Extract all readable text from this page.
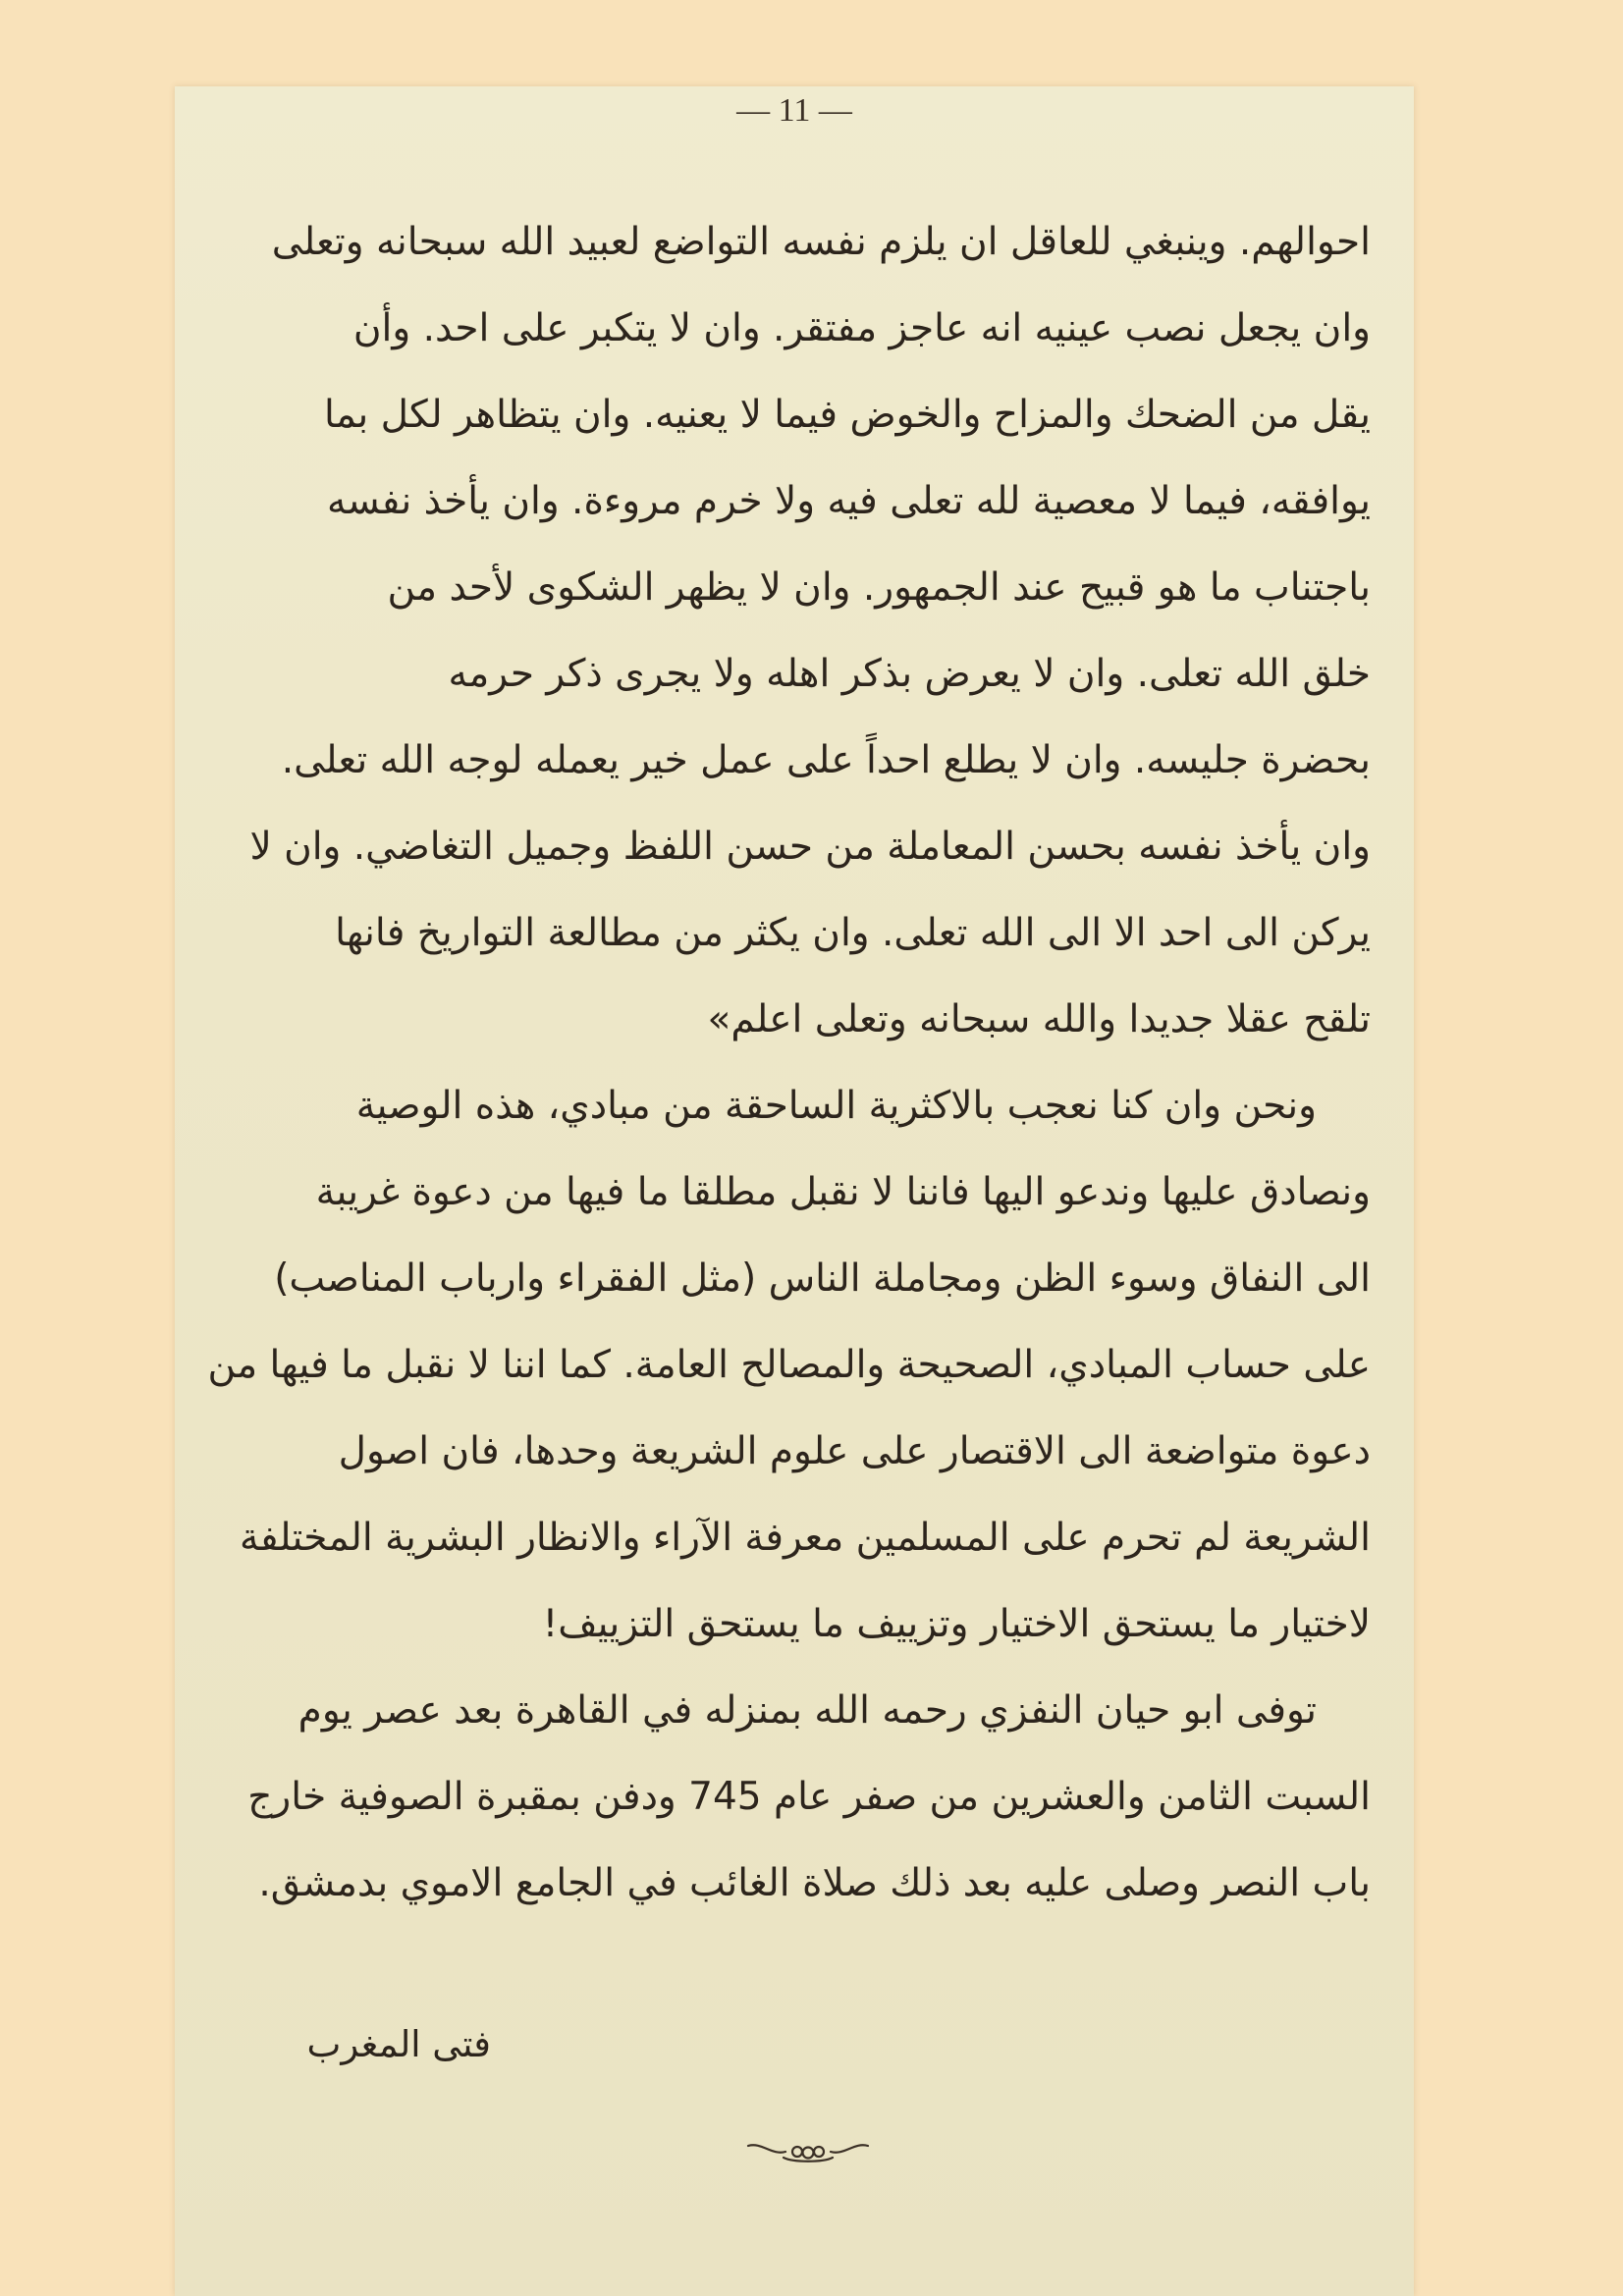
— 11 —

احوالهم. وينبغي للعاقل ان يلزم نفسه التواضع لعبيد الله سبحانه وتعلى

وان يجعل نصب عينيه انه عاجز مفتقر. وان لا يتكبر على احد. وأن

يقل من الضحك والمزاح والخوض فيما لا يعنيه. وان يتظاهر لكل بما

يوافقه، فيما لا معصية لله تعلى فيه ولا خرم مروءة. وان يأخذ نفسه

باجتناب ما هو قبيح عند الجمهور. وان لا يظهر الشكوى لأحد من

خلق الله تعلى. وان لا يعرض بذكر اهله ولا يجرى ذكر حرمه

بحضرة جليسه. وان لا يطلع احداً على عمل خير يعمله لوجه الله تعلى.

وان يأخذ نفسه بحسن المعاملة من حسن اللفظ وجميل التغاضي. وان لا

يركن الى احد الا الى الله تعلى. وان يكثر من مطالعة التواريخ فانها

تلقح عقلا جديدا والله سبحانه وتعلى اعلم»

ونحن وان كنا نعجب بالاكثرية الساحقة من مبادي، هذه الوصية

ونصادق عليها وندعو اليها فاننا لا نقبل مطلقا ما فيها من دعوة غريبة

الى النفاق وسوء الظن ومجاملة الناس (مثل الفقراء وارباب المناصب)

على حساب المبادي، الصحيحة والمصالح العامة. كما اننا لا نقبل ما فيها من

دعوة متواضعة الى الاقتصار على علوم الشريعة وحدها، فان اصول

الشريعة لم تحرم على المسلمين معرفة الآراء والانظار البشرية المختلفة

لاختيار ما يستحق الاختيار وتزييف ما يستحق التزييف!

توفى ابو حيان النفزي رحمه الله بمنزله في القاهرة بعد عصر يوم

السبت الثامن والعشرين من صفر عام 745 ودفن بمقبرة الصوفية خارج

باب النصر وصلى عليه بعد ذلك صلاة الغائب في الجامع الاموي بدمشق.

فتى المغرب
